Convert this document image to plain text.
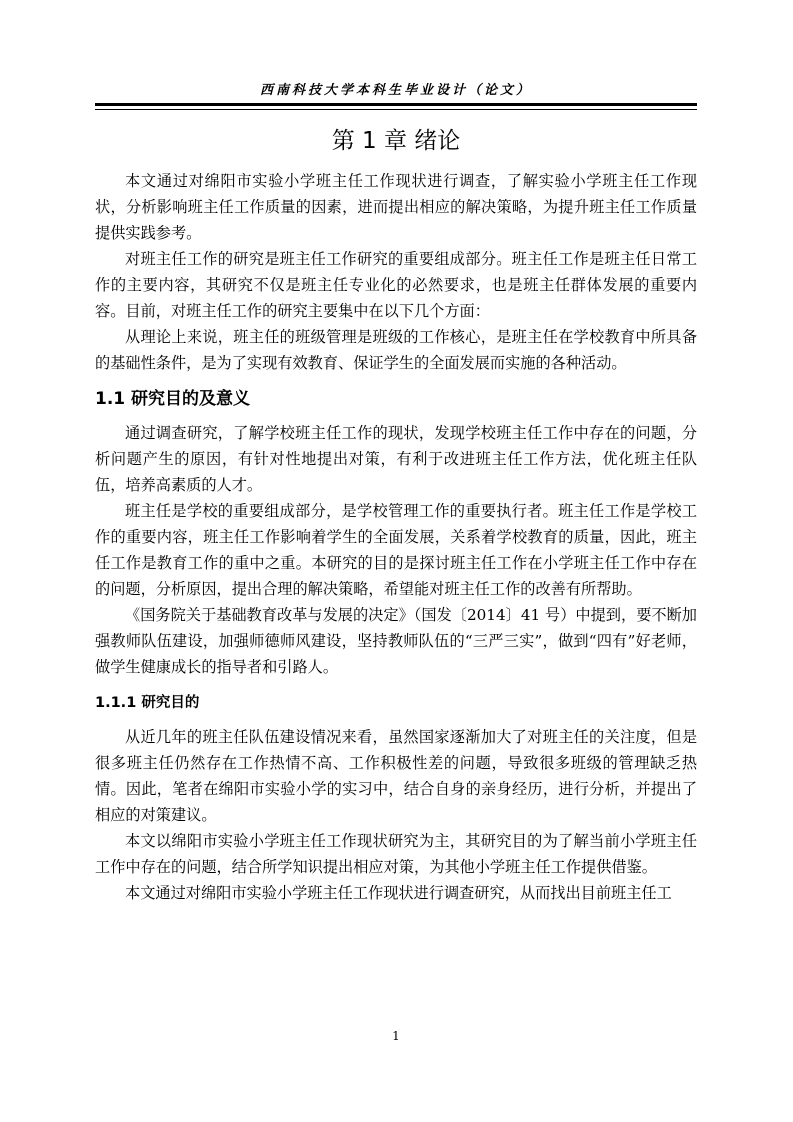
西南科技大学本科生毕业设计（论文）
第 1 章 绪论

本文通过对绵阳市实验小学班主任工作现状进行调查，了解实验小学班主任工作现状，分析影响班主任工作质量的因素，进而提出相应的解决策略，为提升班主任工作质量提供实践参考。

对班主任工作的研究是班主任工作研究的重要组成部分。班主任工作是班主任日常工作的主要内容，其研究不仅是班主任专业化的必然要求，也是班主任群体发展的重要内容。目前，对班主任工作的研究主要集中在以下几个方面：

从理论上来说，班主任的班级管理是班级的工作核心，是班主任在学校教育中所具备的基础性条件，是为了实现有效教育、保证学生的全面发展而实施的各种活动。

1.1 研究目的及意义

通过调查研究，了解学校班主任工作的现状，发现学校班主任工作中存在的问题，分析问题产生的原因，有针对性地提出对策，有利于改进班主任工作方法，优化班主任队伍，培养高素质的人才。

班主任是学校的重要组成部分，是学校管理工作的重要执行者。班主任工作是学校工作的重要内容，班主任工作影响着学生的全面发展，关系着学校教育的质量，因此，班主任工作是教育工作的重中之重。本研究的目的是探讨班主任工作在小学班主任工作中存在的问题，分析原因，提出合理的解决策略，希望能对班主任工作的改善有所帮助。

《国务院关于基础教育改革与发展的决定》（国发〔2014〕41 号）中提到，要不断加强教师队伍建设，加强师德师风建设，坚持教师队伍的“三严三实”，做到“四有”好老师，做学生健康成长的指导者和引路人。

1.1.1 研究目的

从近几年的班主任队伍建设情况来看，虽然国家逐渐加大了对班主任的关注度，但是很多班主任仍然存在工作热情不高、工作积极性差的问题，导致很多班级的管理缺乏热情。因此，笔者在绵阳市实验小学的实习中，结合自身的亲身经历，进行分析，并提出了相应的对策建议。

本文以绵阳市实验小学班主任工作现状研究为主，其研究目的为了解当前小学班主任工作中存在的问题，结合所学知识提出相应对策，为其他小学班主任工作提供借鉴。

本文通过对绵阳市实验小学班主任工作现状进行调查研究，从而找出目前班主任工

1
